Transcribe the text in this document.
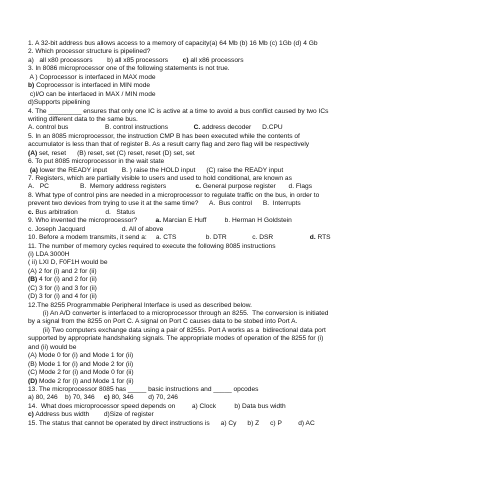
1. A 32-bit address bus allows access to a memory of capacity(a) 64 Mb (b) 16 Mb (c) 1Gb (d) 4 Gb
2. Which processor structure is pipelined?
a)   all x80 processors        b) all x85 processors        c) all x86 processors
3. In 8086 microprocessor one of the following statements is not true.
A ) Coprocessor is interfaced in MAX mode
b) Coprocessor is interfaced in MIN mode
c)I/O can be interfaced in MAX / MIN mode
d)Supports pipelining
4. The _________ ensures that only one IC is active at a time to avoid a bus conflict caused by two ICs
writing different data to the same bus.
A. control bus                    B. control instructions              C. address decoder      D.CPU
5. In an 8085 microprocessor, the instruction CMP B has been executed while the contents of
accumulator is less than that of register B. As a result carry flag and zero flag will be respectively
(A) set, reset      (B) reset, set (C) reset, reset (D) set, set
6. To put 8085 microprocessor in the wait state
(a) lower the READY input        B. ) raise the HOLD input      (C) raise the READY input
7. Registers, which are partially visible to users and used to hold conditional, are known as
A.   PC                 B.  Memory address registers                c. General purpose register       d. Flags
8. What type of control pins are needed in a microprocessor to regulate traffic on the bus, in order to
prevent two devices from trying to use it at the same time?      A.  Bus control      B.  Interrupts
c. Bus arbitration               d.   Status
9. Who invented the microprocessor?          a. Marcian E Huff          b. Herman H Goldstein
c. Joseph Jacquard                    d. All of above
10. Before a modem transmits, it send a:     a. CTS                b. DTR              c. DSR                    d. RTS
11. The number of memory cycles required to execute the following 8085 instructions
(i) LDA 3000H
( ii) LXI D, F0F1H would be
(A) 2 for (i) and 2 for (ii)
(B) 4 for (i) and 2 for (ii)
(C) 3 for (i) and 3 for (ii)
(D) 3 for (i) and 4 for (ii)
12.The 8255 Programmable Peripheral Interface is used as described below.
(i) An A/D converter is interfaced to a microprocessor through an 8255.  The conversion is initiated
by a signal from the 8255 on Port C. A signal on Port C causes data to be stobed into Port A.
(ii) Two computers exchange data using a pair of 8255s. Port A works as a  bidirectional data port
supported by appropriate handshaking signals. The appropriate modes of operation of the 8255 for (i)
and (ii) would be
(A) Mode 0 for (i) and Mode 1 for (ii)
(B) Mode 1 for (i) and Mode 2 for (ii)
(C) Mode 2 for (i) and Mode 0 for (ii)
(D) Mode 2 for (i) and Mode 1 for (ii)
13. The microprocessor 8085 has _____ basic instructions and _____ opcodes
a) 80, 246    b) 70, 346     c) 80, 346        d) 70, 246
14.  What does microprocessor speed depends on         a) Clock          b) Data bus width
c) Address bus width        d)Size of register
15. The status that cannot be operated by direct instructions is      a) Cy      b) Z      c) P         d) AC
